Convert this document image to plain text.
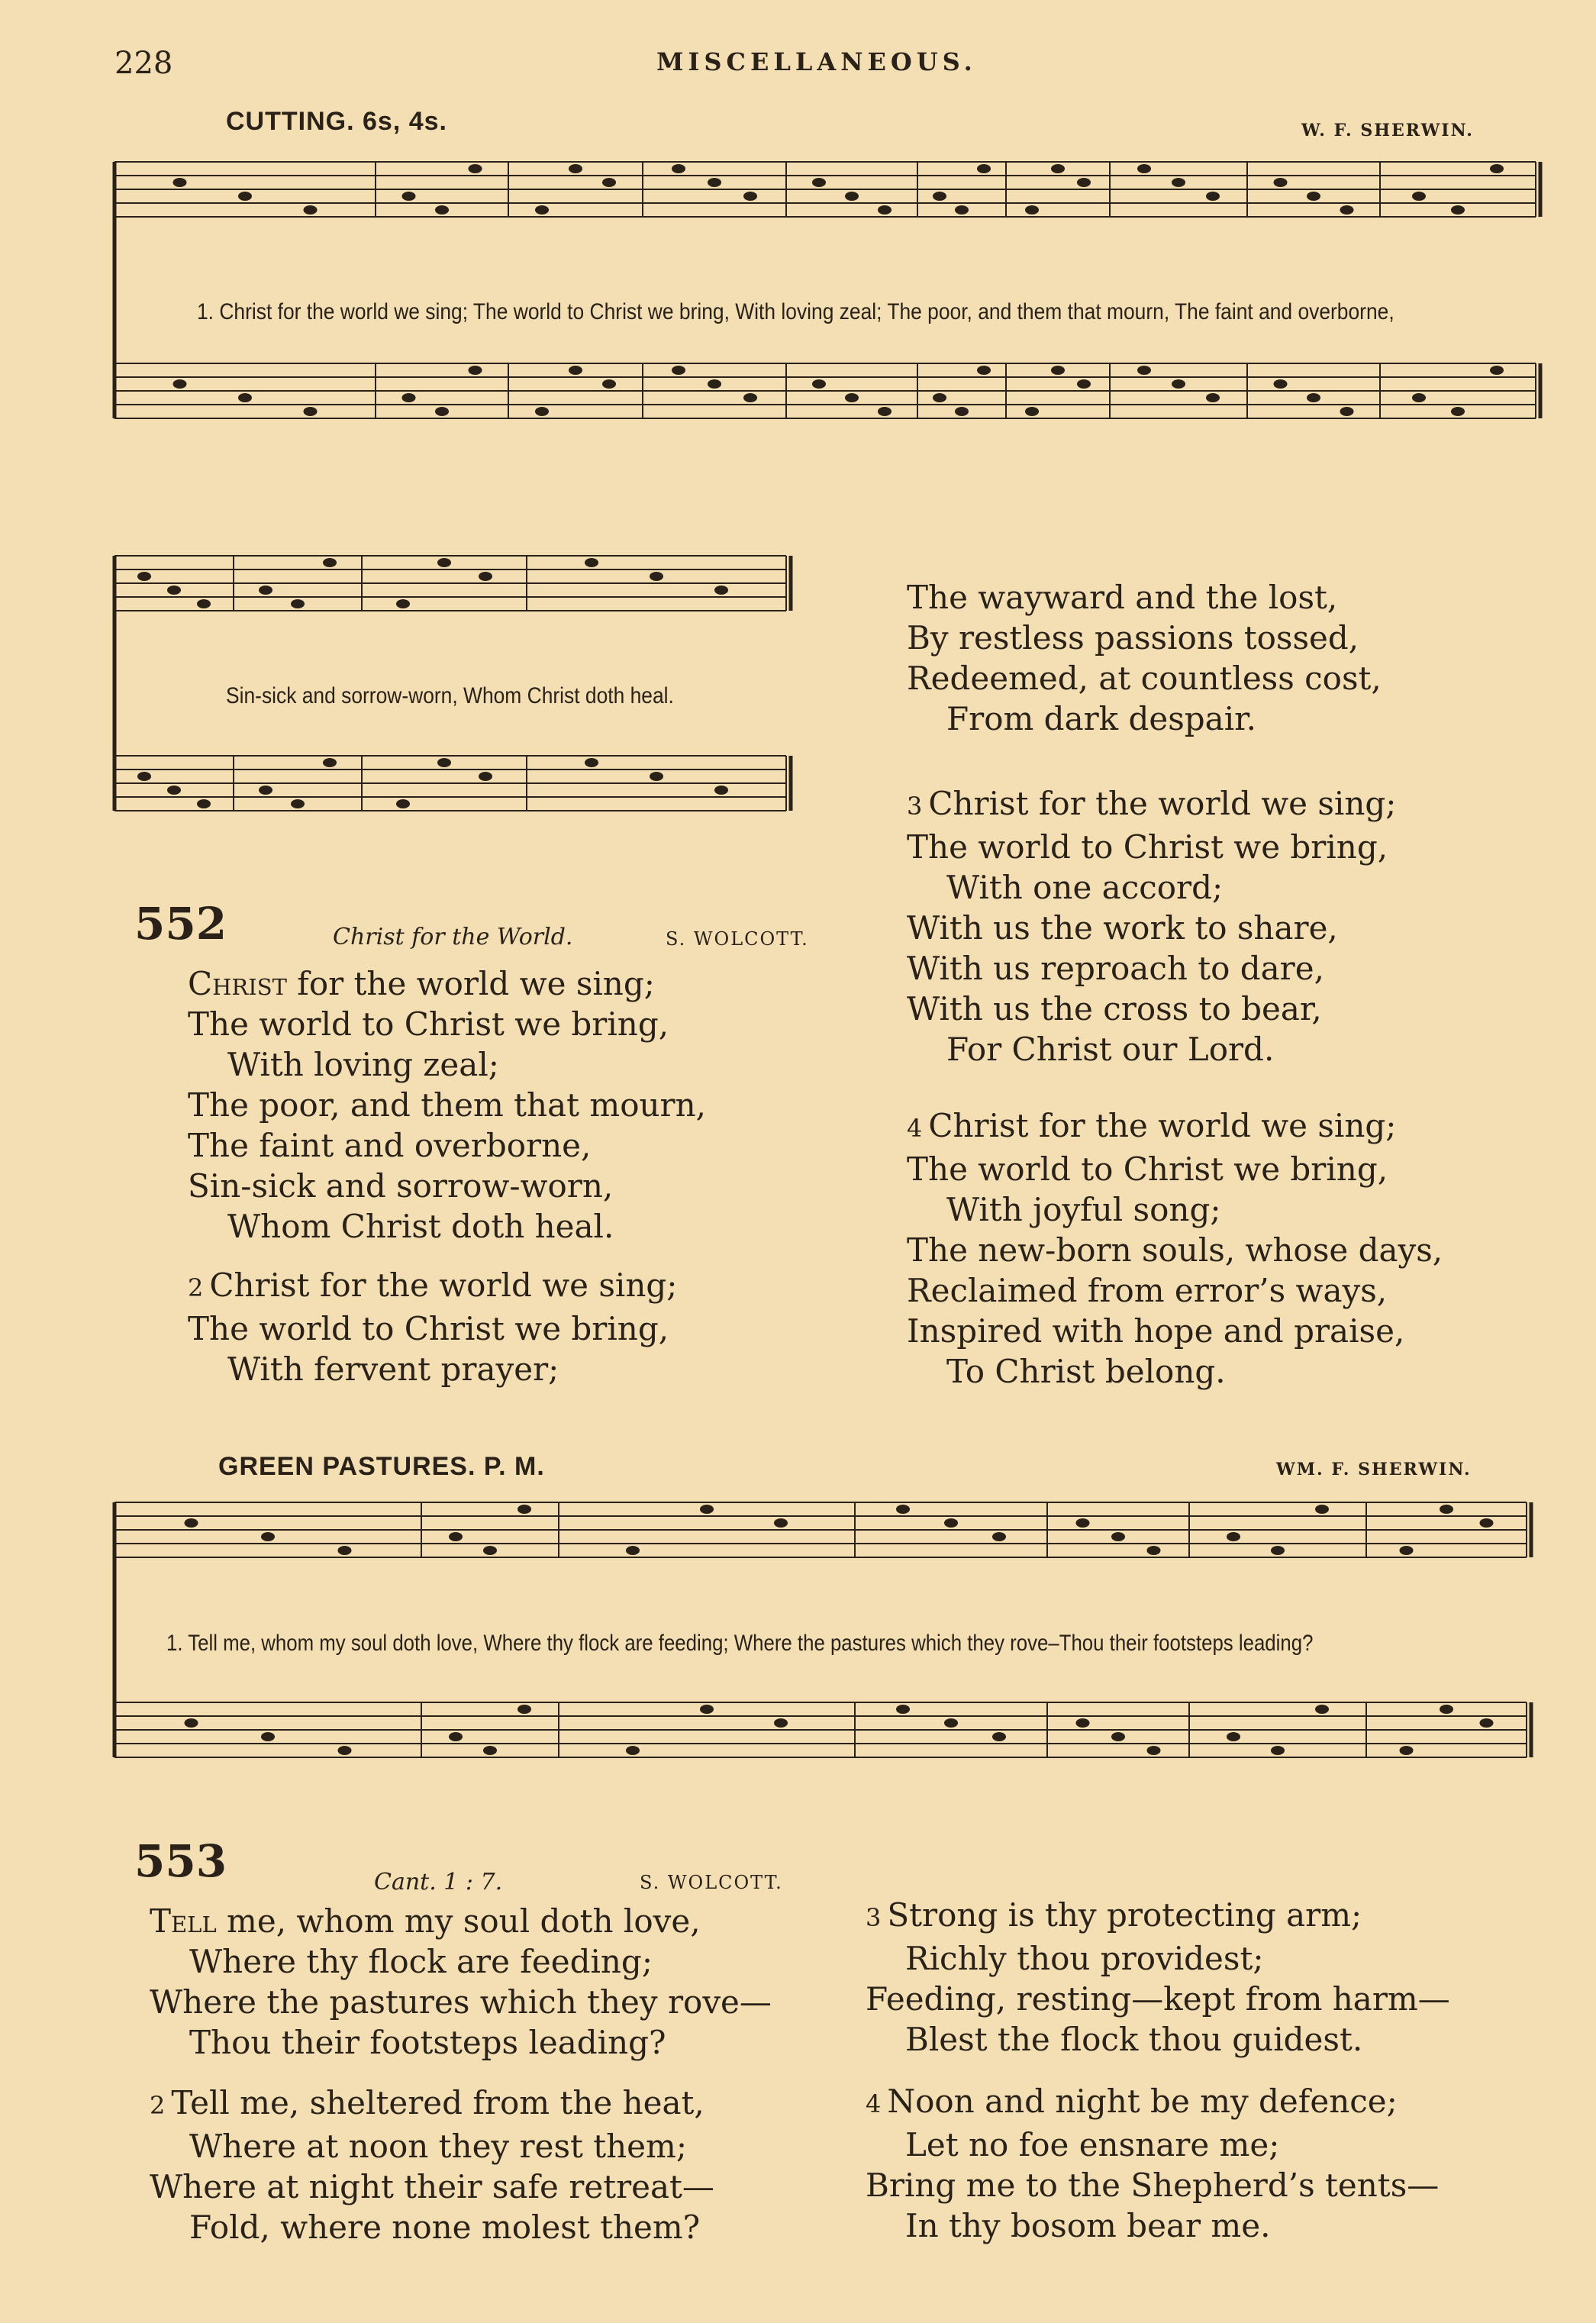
228	MISCELLANEOUS.
CUTTING. 6s, 4s.	W. F. SHERWIN.
1. Christ for the world we sing; The world to Christ we bring, With loving zeal; The poor, and them that mourn, The faint and overborne,
Sin-sick and sorrow-worn, Whom Christ doth heal.
552	Christ for the World.	S. WOLCOTT.
Christ for the world we sing;
The world to Christ we bring,
With loving zeal;
The poor, and them that mourn,
The faint and overborne,
Sin-sick and sorrow-worn,
Whom Christ doth heal.
2 Christ for the world we sing;
The world to Christ we bring,
With fervent prayer;
The wayward and the lost,
By restless passions tossed,
Redeemed, at countless cost,
From dark despair.
3 Christ for the world we sing;
The world to Christ we bring,
With one accord;
With us the work to share,
With us reproach to dare,
With us the cross to bear,
For Christ our Lord.
4 Christ for the world we sing;
The world to Christ we bring,
With joyful song;
The new-born souls, whose days,
Reclaimed from error’s ways,
Inspired with hope and praise,
To Christ belong.
GREEN PASTURES. P. M.	WM. F. SHERWIN.
1. Tell me, whom my soul doth love, Where thy flock are feeding; Where the pastures which they rove–Thou their footsteps leading?
553	Cant. 1 : 7.	S. WOLCOTT.
Tell me, whom my soul doth love,
Where thy flock are feeding;
Where the pastures which they rove—
Thou their footsteps leading?
2 Tell me, sheltered from the heat,
Where at noon they rest them;
Where at night their safe retreat—
Fold, where none molest them?
3 Strong is thy protecting arm;
Richly thou providest;
Feeding, resting—kept from harm—
Blest the flock thou guidest.
4 Noon and night be my defence;
Let no foe ensnare me;
Bring me to the Shepherd’s tents—
In thy bosom bear me.
